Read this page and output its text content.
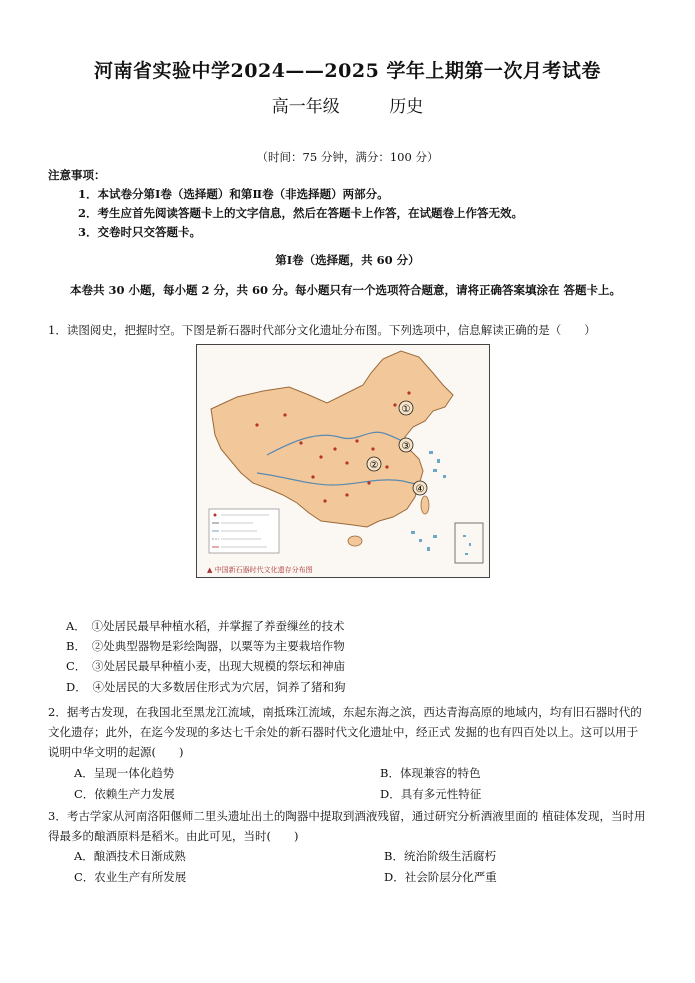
河南省实验中学2024——2025 学年上期第一次月考试卷
高一年级	历史
（时间：75 分钟，满分：100 分）
注意事项：
1．本试卷分第Ⅰ卷（选择题）和第Ⅱ卷（非选择题）两部分。
2．考生应首先阅读答题卡上的文字信息，然后在答题卡上作答，在试题卷上作答无效。
3．交卷时只交答题卡。
第Ⅰ卷（选择题，共 60 分）
本卷共 30 小题，每小题 2 分，共 60 分。每小题只有一个选项符合题意，请将正确答案填涂在 答题卡上。
1．读图阅史，把握时空。下图是新石器时代部分文化遗址分布图。下列选项中，信息解读正确的是（　　）
①
②
③
④
▲ 中国新石器时代文化遗存分布图
A．　①处居民最早种植水稻，并掌握了养蚕缫丝的技术
B．　②处典型器物是彩绘陶器，以粟等为主要栽培作物
C．　③处居民最早种植小麦，出现大规模的祭坛和神庙
D．　④处居民的大多数居住形式为穴居，饲养了猪和狗
2．据考古发现，在我国北至黑龙江流域，南抵珠江流域，东起东海之滨，西达青海高原的地域内，均有旧石器时代的文化遗存；此外，在迄今发现的多达七千余处的新石器时代文化遗址中，经正式 发掘的也有四百处以上。这可以用于说明中华文明的起源(　　)
A．呈现一体化趋势	B．体现兼容的特色
C．依赖生产力发展	D．具有多元性特征
3．考古学家从河南洛阳偃师二里头遗址出土的陶器中提取到酒液残留，通过研究分析酒液里面的 植硅体发现，当时用得最多的酿酒原料是稻米。由此可见，当时(　　)
A．酿酒技术日渐成熟	B．统治阶级生活腐朽
C．农业生产有所发展	D．社会阶层分化严重
